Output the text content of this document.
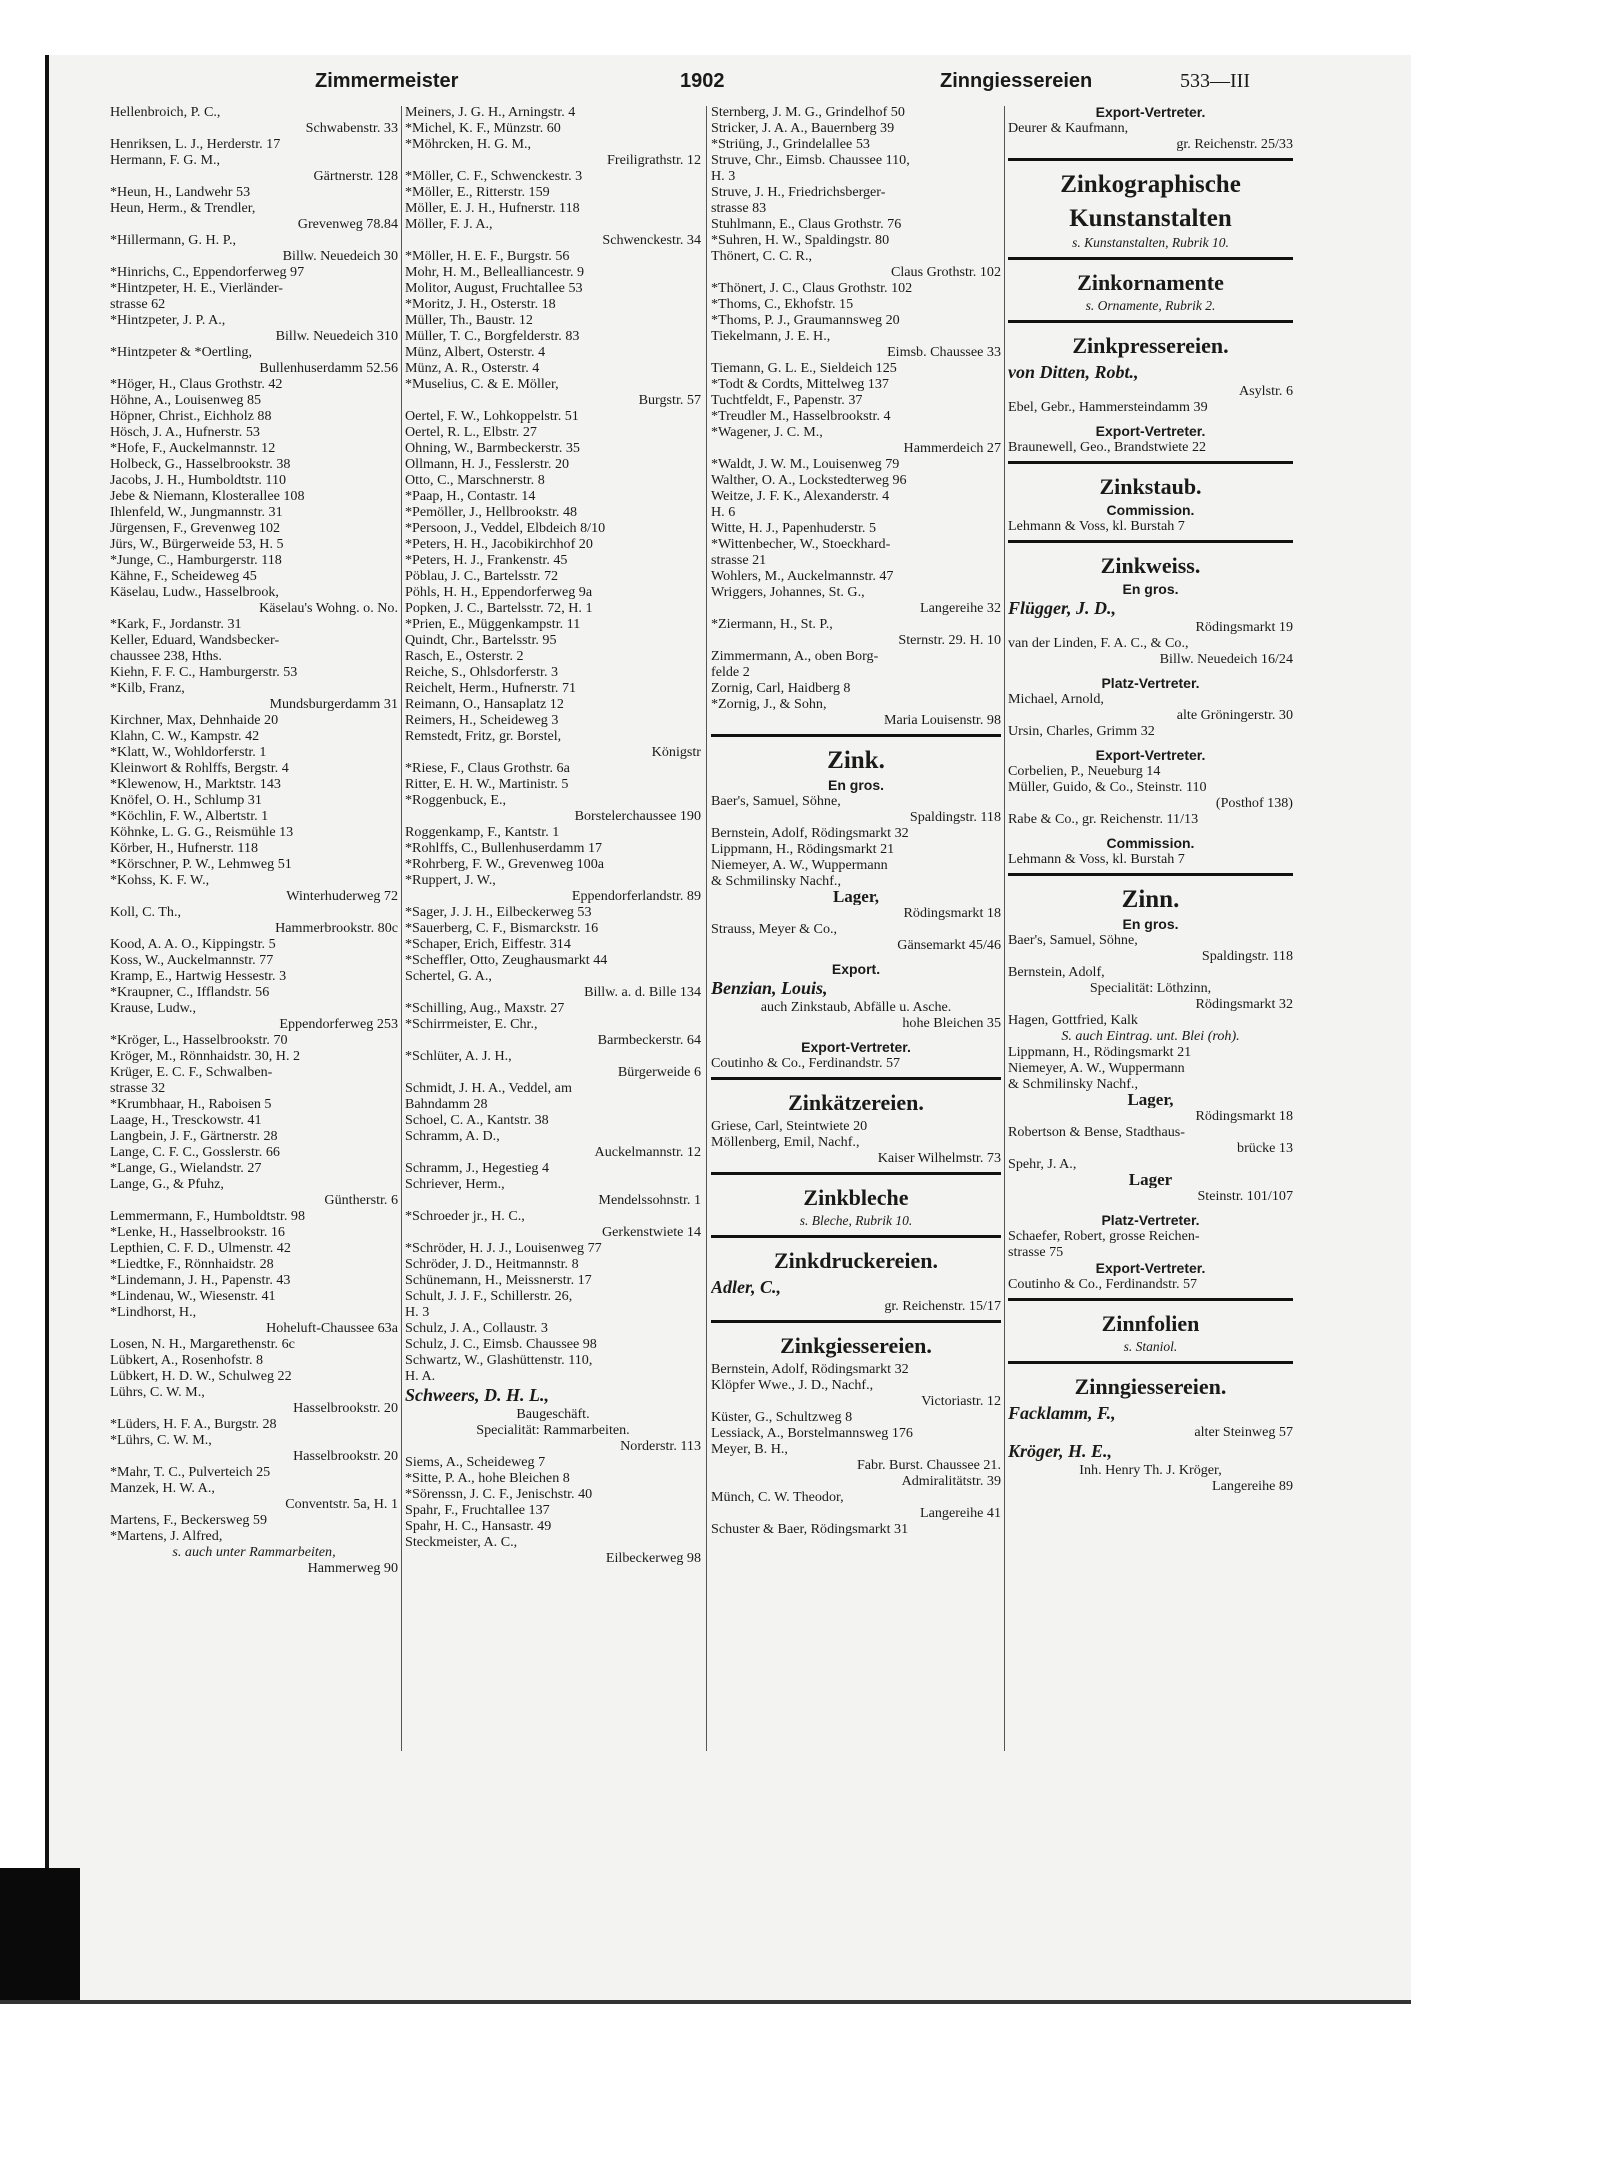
Zimmermeister	1902	Zinngiessereien	533—III
Hellenbroich, P. C.,
Schwabenstr. 33
Henriksen, L. J., Herderstr. 17
Hermann, F. G. M.,
Gärtnerstr. 128
*Heun, H., Landwehr 53
Heun, Herm., & Trendler,
Grevenweg 78.84
*Hillermann, G. H. P.,
Billw. Neuedeich 30
*Hinrichs, C., Eppendorferweg 97
*Hintzpeter, H. E., Vierländer-
strasse 62
*Hintzpeter, J. P. A.,
Billw. Neuedeich 310
*Hintzpeter & *Oertling,
Bullenhuserdamm 52.56
*Höger, H., Claus Grothstr. 42
Höhne, A., Louisenweg 85
Höpner, Christ., Eichholz 88
Hösch, J. A., Hufnerstr. 53
*Hofe, F., Auckelmannstr. 12
Holbeck, G., Hasselbrookstr. 38
Jacobs, J. H., Humboldtstr. 110
Jebe & Niemann, Klosterallee 108
Ihlenfeld, W., Jungmannstr. 31
Jürgensen, F., Grevenweg 102
Jürs, W., Bürgerweide 53, H. 5
*Junge, C., Hamburgerstr. 118
Kähne, F., Scheideweg 45
Käselau, Ludw., Hasselbrook,
Käselau's Wohng. o. No.
*Kark, F., Jordanstr. 31
Keller, Eduard, Wandsbecker-
chaussee 238, Hths.
Kiehn, F. F. C., Hamburgerstr. 53
*Kilb, Franz,
Mundsburgerdamm 31
Kirchner, Max, Dehnhaide 20
Klahn, C. W., Kampstr. 42
*Klatt, W., Wohldorferstr. 1
Kleinwort & Rohlffs, Bergstr. 4
*Klewenow, H., Marktstr. 143
Knöfel, O. H., Schlump 31
*Köchlin, F. W., Albertstr. 1
Köhnke, L. G. G., Reismühle 13
Körber, H., Hufnerstr. 118
*Körschner, P. W., Lehmweg 51
*Kohss, K. F. W.,
Winterhuderweg 72
Koll, C. Th.,
Hammerbrookstr. 80c
Kood, A. A. O., Kippingstr. 5
Koss, W., Auckelmannstr. 77
Kramp, E., Hartwig Hessestr. 3
*Kraupner, C., Ifflandstr. 56
Krause, Ludw.,
Eppendorferweg 253
*Kröger, L., Hasselbrookstr. 70
Kröger, M., Rönnhaidstr. 30, H. 2
Krüger, E. C. F., Schwalben-
strasse 32
*Krumbhaar, H., Raboisen 5
Laage, H., Tresckowstr. 41
Langbein, J. F., Gärtnerstr. 28
Lange, C. F. C., Gosslerstr. 66
*Lange, G., Wielandstr. 27
Lange, G., & Pfuhz,
Güntherstr. 6
Lemmermann, F., Humboldtstr. 98
*Lenke, H., Hasselbrookstr. 16
Lepthien, C. F. D., Ulmenstr. 42
*Liedtke, F., Rönnhaidstr. 28
*Lindemann, J. H., Papenstr. 43
*Lindenau, W., Wiesenstr. 41
*Lindhorst, H.,
Hoheluft-Chaussee 63a
Losen, N. H., Margarethenstr. 6c
Lübkert, A., Rosenhofstr. 8
Lübkert, H. D. W., Schulweg 22
Lührs, C. W. M.,
Hasselbrookstr. 20
*Lüders, H. F. A., Burgstr. 28
*Lührs, C. W. M.,
Hasselbrookstr. 20
*Mahr, T. C., Pulverteich 25
Manzek, H. W. A.,
Conventstr. 5a, H. 1
Martens, F., Beckersweg 59
*Martens, J. Alfred,
s. auch unter Rammarbeiten,
Hammerweg 90
Meiners, J. G. H., Arningstr. 4
*Michel, K. F., Münzstr. 60
*Möhrcken, H. G. M.,
Freiligrathstr. 12
*Möller, C. F., Schwenckestr. 3
*Möller, E., Ritterstr. 159
Möller, E. J. H., Hufnerstr. 118
Möller, F. J. A.,
Schwenckestr. 34
*Möller, H. E. F., Burgstr. 56
Mohr, H. M., Bellealliancestr. 9
Molitor, August, Fruchtallee 53
*Moritz, J. H., Osterstr. 18
Müller, Th., Baustr. 12
Müller, T. C., Borgfelderstr. 83
Münz, Albert, Osterstr. 4
Münz, A. R., Osterstr. 4
*Muselius, C. & E. Möller,
Burgstr. 57
Oertel, F. W., Lohkoppelstr. 51
Oertel, R. L., Elbstr. 27
Ohning, W., Barmbeckerstr. 35
Ollmann, H. J., Fesslerstr. 20
Otto, C., Marschnerstr. 8
*Paap, H., Contastr. 14
*Pemöller, J., Hellbrookstr. 48
*Persoon, J., Veddel, Elbdeich 8/10
*Peters, H. H., Jacobikirchhof 20
*Peters, H. J., Frankenstr. 45
Pöblau, J. C., Bartelsstr. 72
Pöhls, H. H., Eppendorferweg 9a
Popken, J. C., Bartelsstr. 72, H. 1
*Prien, E., Müggenkampstr. 11
Quindt, Chr., Bartelsstr. 95
Rasch, E., Osterstr. 2
Reiche, S., Ohlsdorferstr. 3
Reichelt, Herm., Hufnerstr. 71
Reimann, O., Hansaplatz 12
Reimers, H., Scheideweg 3
Remstedt, Fritz, gr. Borstel,
Königstr
*Riese, F., Claus Grothstr. 6a
Ritter, E. H. W., Martinistr. 5
*Roggenbuck, E.,
Borstelerchaussee 190
Roggenkamp, F., Kantstr. 1
*Rohlffs, C., Bullenhuserdamm 17
*Rohrberg, F. W., Grevenweg 100a
*Ruppert, J. W.,
Eppendorferlandstr. 89
*Sager, J. J. H., Eilbeckerweg 53
*Sauerberg, C. F., Bismarckstr. 16
*Schaper, Erich, Eiffestr. 314
*Scheffler, Otto, Zeughausmarkt 44
Schertel, G. A.,
Billw. a. d. Bille 134
*Schilling, Aug., Maxstr. 27
*Schirrmeister, E. Chr.,
Barmbeckerstr. 64
*Schlüter, A. J. H.,
Bürgerweide 6
Schmidt, J. H. A., Veddel, am
Bahndamm 28
Schoel, C. A., Kantstr. 38
Schramm, A. D.,
Auckelmannstr. 12
Schramm, J., Hegestieg 4
Schriever, Herm.,
Mendelssohnstr. 1
*Schroeder jr., H. C.,
Gerkenstwiete 14
*Schröder, H. J. J., Louisenweg 77
Schröder, J. D., Heitmannstr. 8
Schünemann, H., Meissnerstr. 17
Schult, J. J. F., Schillerstr. 26,
H. 3
Schulz, J. A., Collaustr. 3
Schulz, J. C., Eimsb. Chaussee 98
Schwartz, W., Glashüttenstr. 110,
H. A.
Schweers, D. H. L.,
Baugeschäft.
Specialität: Rammarbeiten.
Norderstr. 113
Siems, A., Scheideweg 7
*Sitte, P. A., hohe Bleichen 8
*Sörenssn, J. C. F., Jenischstr. 40
Spahr, F., Fruchtallee 137
Spahr, H. C., Hansastr. 49
Steckmeister, A. C.,
Eilbeckerweg 98
Sternberg, J. M. G., Grindelhof 50
Stricker, J. A. A., Bauernberg 39
*Striüng, J., Grindelallee 53
Struve, Chr., Eimsb. Chaussee 110,
H. 3
Struve, J. H., Friedrichsberger-
strasse 83
Stuhlmann, E., Claus Grothstr. 76
*Suhren, H. W., Spaldingstr. 80
Thönert, C. C. R.,
Claus Grothstr. 102
*Thönert, J. C., Claus Grothstr. 102
*Thoms, C., Ekhofstr. 15
*Thoms, P. J., Graumannsweg 20
Tiekelmann, J. E. H.,
Eimsb. Chaussee 33
Tiemann, G. L. E., Sieldeich 125
*Todt & Cordts, Mittelweg 137
Tuchtfeldt, F., Papenstr. 37
*Treudler M., Hasselbrookstr. 4
*Wagener, J. C. M.,
Hammerdeich 27
*Waldt, J. W. M., Louisenweg 79
Walther, O. A., Lockstedterweg 96
Weitze, J. F. K., Alexanderstr. 4
H. 6
Witte, H. J., Papenhuderstr. 5
*Wittenbecher, W., Stoeckhard-
strasse 21
Wohlers, M., Auckelmannstr. 47
Wriggers, Johannes, St. G.,
Langereihe 32
*Ziermann, H., St. P.,
Sternstr. 29. H. 10
Zimmermann, A., oben Borg-
felde 2
Zornig, Carl, Haidberg 8
*Zornig, J., & Sohn,
Maria Louisenstr. 98
Zink.
En gros.
Baer's, Samuel, Söhne,
Spaldingstr. 118
Bernstein, Adolf, Rödingsmarkt 32
Lippmann, H., Rödingsmarkt 21
Niemeyer, A. W., Wuppermann
& Schmilinsky Nachf.,
Lager,
Rödingsmarkt 18
Strauss, Meyer & Co.,
Gänsemarkt 45/46
Export.
Benzian, Louis,
auch Zinkstaub, Abfälle u. Asche.
hohe Bleichen 35
Export-Vertreter.
Coutinho & Co., Ferdinandstr. 57
Zinkätzereien.
Griese, Carl, Steintwiete 20
Möllenberg, Emil, Nachf.,
Kaiser Wilhelmstr. 73
Zinkbleche
s. Bleche, Rubrik 10.
Zinkdruckereien.
Adler, C.,
gr. Reichenstr. 15/17
Zinkgiessereien.
Bernstein, Adolf, Rödingsmarkt 32
Klöpfer Wwe., J. D., Nachf.,
Victoriastr. 12
Küster, G., Schultzweg 8
Lessiack, A., Borstelmannsweg 176
Meyer, B. H.,
Fabr. Burst. Chaussee 21.
Admiralitätstr. 39
Münch, C. W. Theodor,
Langereihe 41
Schuster & Baer, Rödingsmarkt 31
Export-Vertreter.
Deurer & Kaufmann,
gr. Reichenstr. 25/33
Zinkographische
Kunstanstalten
s. Kunstanstalten, Rubrik 10.
Zinkornamente
s. Ornamente, Rubrik 2.
Zinkpressereien.
von Ditten, Robt.,
Asylstr. 6
Ebel, Gebr., Hammersteindamm 39
Export-Vertreter.
Braunewell, Geo., Brandstwiete 22
Zinkstaub.
Commission.
Lehmann & Voss, kl. Burstah 7
Zinkweiss.
En gros.
Flügger, J. D.,
Rödingsmarkt 19
van der Linden, F. A. C., & Co.,
Billw. Neuedeich 16/24
Platz-Vertreter.
Michael, Arnold,
alte Gröningerstr. 30
Ursin, Charles, Grimm 32
Export-Vertreter.
Corbelien, P., Neueburg 14
Müller, Guido, & Co., Steinstr. 110
(Posthof 138)
Rabe & Co., gr. Reichenstr. 11/13
Commission.
Lehmann & Voss, kl. Burstah 7
Zinn.
En gros.
Baer's, Samuel, Söhne,
Spaldingstr. 118
Bernstein, Adolf,
Specialität: Löthzinn,
Rödingsmarkt 32
Hagen, Gottfried, Kalk
S. auch Eintrag. unt. Blei (roh).
Lippmann, H., Rödingsmarkt 21
Niemeyer, A. W., Wuppermann
& Schmilinsky Nachf.,
Lager,
Rödingsmarkt 18
Robertson & Bense, Stadthaus-
brücke 13
Spehr, J. A.,
Lager
Steinstr. 101/107
Platz-Vertreter.
Schaefer, Robert, grosse Reichen-
strasse 75
Export-Vertreter.
Coutinho & Co., Ferdinandstr. 57
Zinnfolien
s. Staniol.
Zinngiessereien.
Facklamm, F.,
alter Steinweg 57
Kröger, H. E.,
Inh. Henry Th. J. Kröger,
Langereihe 89
